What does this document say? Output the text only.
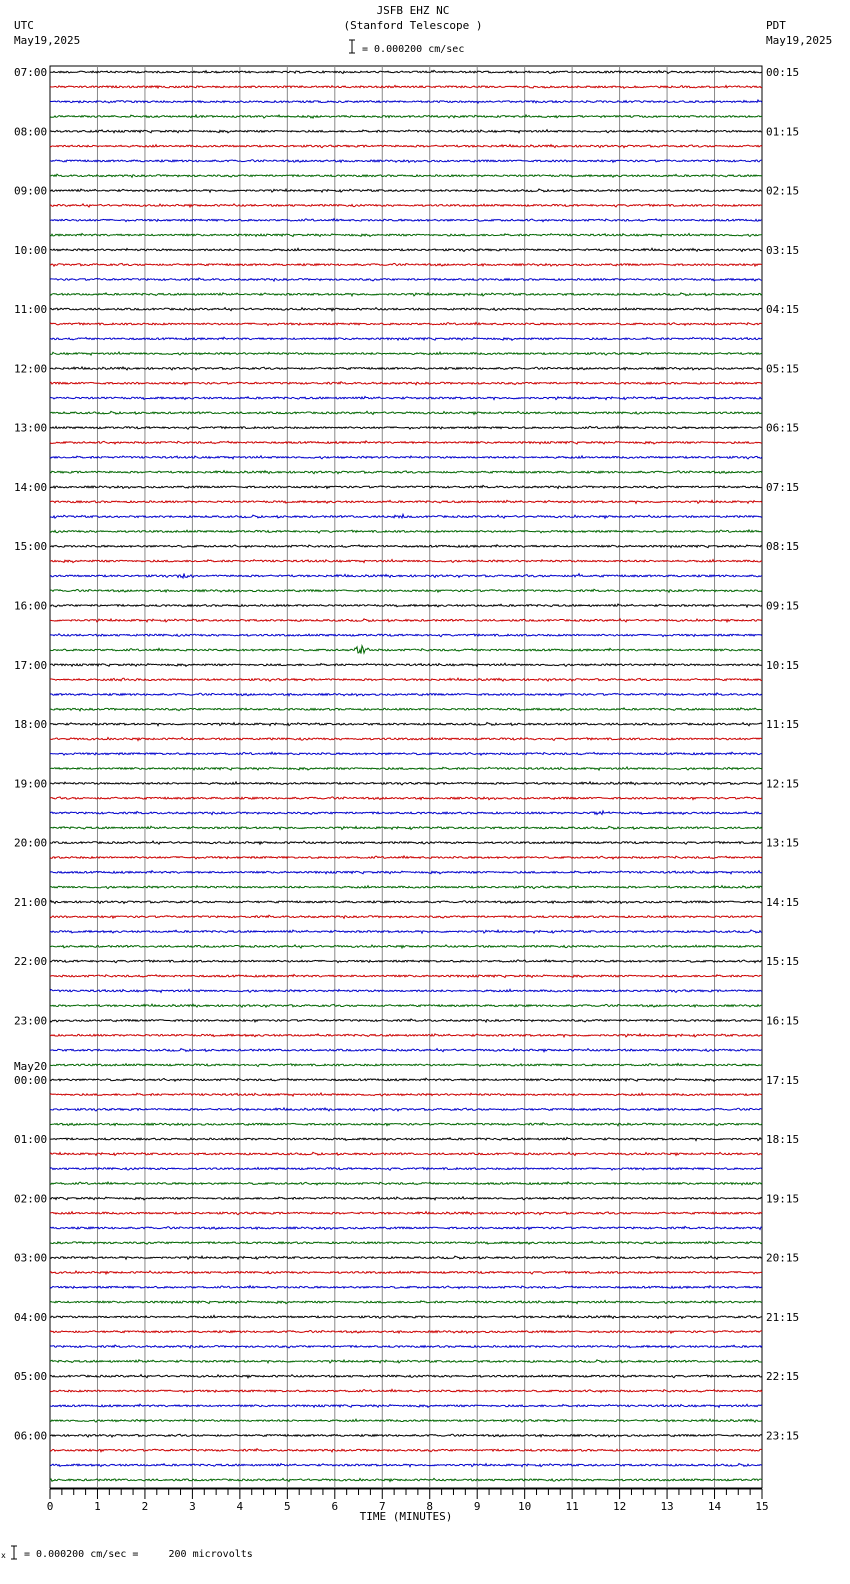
JSFB EHZ NC
(Stanford Telescope )
UTC
May19,2025
PDT
May19,2025
= 0.000200 cm/sec
x = 0.000200 cm/sec =     200 microvolts
07:00
08:00
09:00
10:00
11:00
12:00
13:00
14:00
15:00
16:00
17:00
18:00
19:00
20:00
21:00
22:00
23:00
00:00
01:00
02:00
03:00
04:00
05:00
06:00
00:15
01:15
02:15
03:15
04:15
05:15
06:15
07:15
08:15
09:15
10:15
11:15
12:15
13:15
14:15
15:15
16:15
17:15
18:15
19:15
20:15
21:15
22:15
23:15
May20
0	1	2	3	4	5	6	7	8	9	10	11	12	13	14	15
TIME (MINUTES)
